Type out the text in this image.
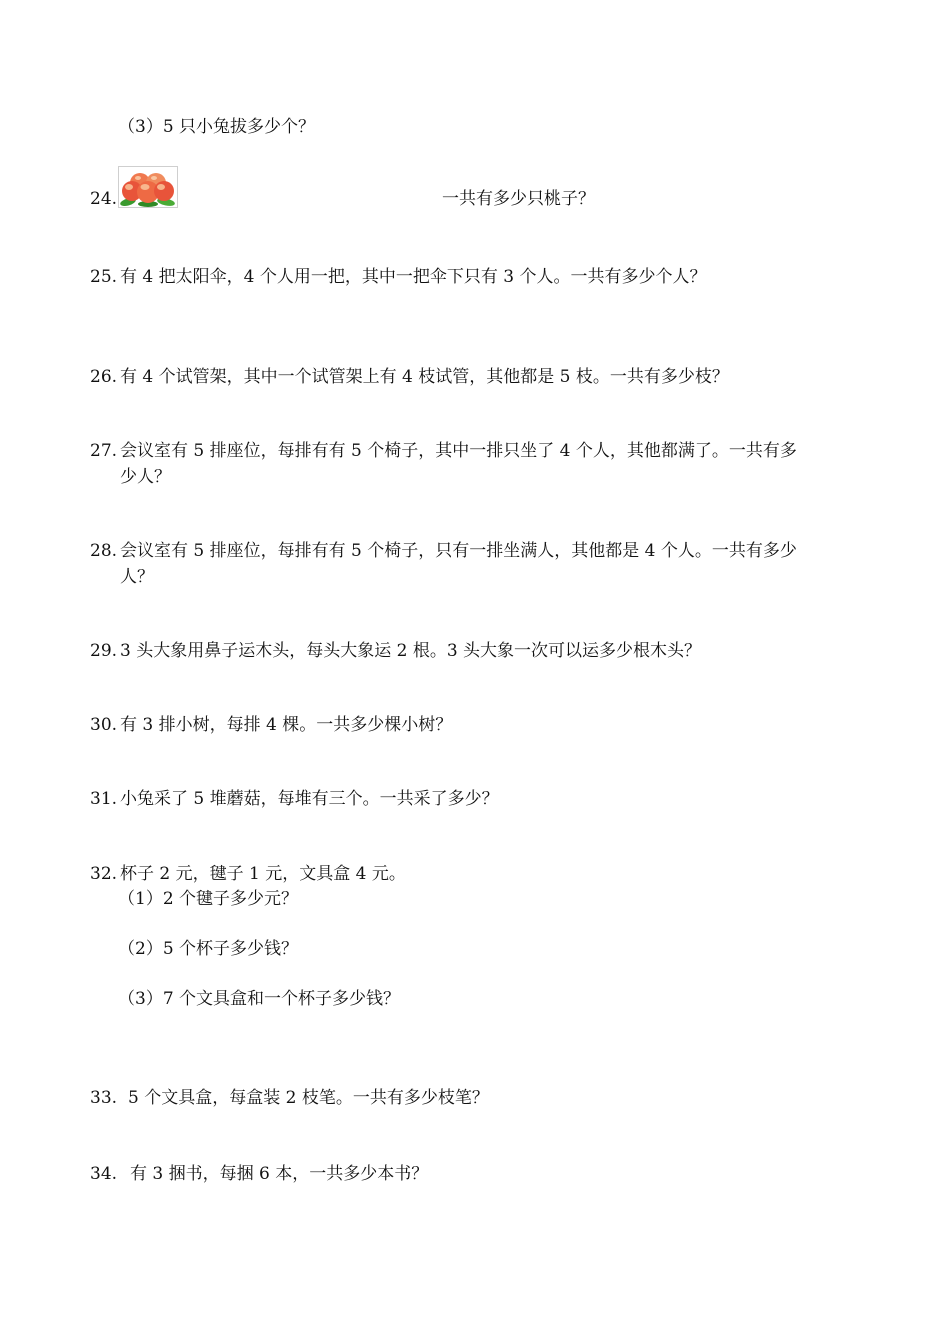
（3）5 只小兔拔多少个？
24.	一共有多少只桃子？
25. 有 4 把太阳伞，4 个人用一把，其中一把伞下只有 3 个人。一共有多少个人？
26. 有 4 个试管架，其中一个试管架上有 4 枝试管，其他都是 5 枝。一共有多少枝？
27. 会议室有 5 排座位，每排有有 5 个椅子，其中一排只坐了 4 个人，其他都满了。一共有多
少人？
28. 会议室有 5 排座位，每排有有 5 个椅子，只有一排坐满人，其他都是 4 个人。一共有多少
人？
29. 3 头大象用鼻子运木头，每头大象运 2 根。3 头大象一次可以运多少根木头？
30. 有 3 排小树，每排 4 棵。一共多少棵小树？
31. 小兔采了 5 堆蘑菇，每堆有三个。一共采了多少？
32. 杯子 2 元，毽子 1 元，文具盒 4 元。
（1）2 个毽子多少元？
（2）5 个杯子多少钱？
（3）7 个文具盒和一个杯子多少钱？
33. 5 个文具盒，每盒装 2 枝笔。一共有多少枝笔？
34. 有 3 捆书，每捆 6 本，一共多少本书？
